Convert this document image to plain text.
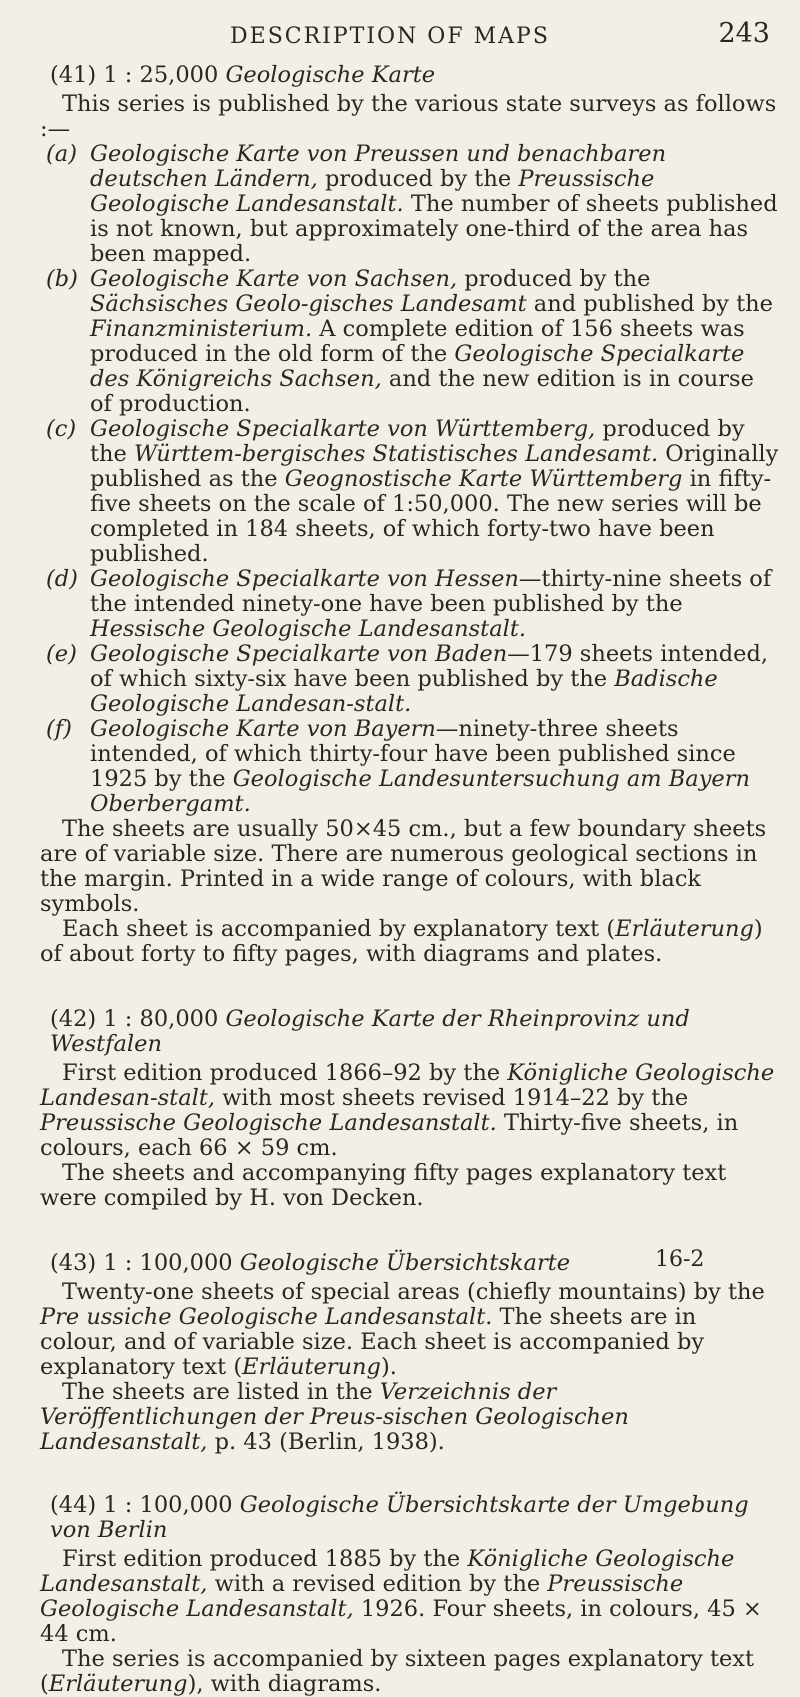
DESCRIPTION OF MAPS	243
(41) 1 : 25,000 Geologische Karte

This series is published by the various state surveys as follows :—

(a) Geologische Karte von Preussen und benachbaren deutschen Ländern, produced by the Preussische Geologische Landesanstalt. The number of sheets published is not known, but approximately one-third of the area has been mapped.

(b) Geologische Karte von Sachsen, produced by the Sächsisches Geolo-gisches Landesamt and published by the Finanzministerium. A complete edition of 156 sheets was produced in the old form of the Geologische Specialkarte des Königreichs Sachsen, and the new edition is in course of production.

(c) Geologische Specialkarte von Württemberg, produced by the Württem-bergisches Statistisches Landesamt. Originally published as the Geognostische Karte Württemberg in fifty-five sheets on the scale of 1:50,000. The new series will be completed in 184 sheets, of which forty-two have been published.

(d) Geologische Specialkarte von Hessen—thirty-nine sheets of the intended ninety-one have been published by the Hessische Geologische Landesanstalt.

(e) Geologische Specialkarte von Baden—179 sheets intended, of which sixty-six have been published by the Badische Geologische Landesan-stalt.

(f) Geologische Karte von Bayern—ninety-three sheets intended, of which thirty-four have been published since 1925 by the Geologische Landesuntersuchung am Bayern Oberbergamt.

The sheets are usually 50×45 cm., but a few boundary sheets are of variable size. There are numerous geological sections in the margin. Printed in a wide range of colours, with black symbols.

Each sheet is accompanied by explanatory text (Erläuterung) of about forty to fifty pages, with diagrams and plates.

(42) 1 : 80,000 Geologische Karte der Rheinprovinz und Westfalen

First edition produced 1866–92 by the Königliche Geologische Landesan-stalt, with most sheets revised 1914–22 by the Preussische Geologische Landesanstalt. Thirty-five sheets, in colours, each 66 × 59 cm.

The sheets and accompanying fifty pages explanatory text were compiled by H. von Decken.

(43) 1 : 100,000 Geologische Übersichtskarte

Twenty-one sheets of special areas (chiefly mountains) by the Pre ussiche Geologische Landesanstalt. The sheets are in colour, and of variable size. Each sheet is accompanied by explanatory text (Erläuterung).

The sheets are listed in the Verzeichnis der Veröffentlichungen der Preus-sischen Geologischen Landesanstalt, p. 43 (Berlin, 1938).

(44) 1 : 100,000 Geologische Übersichtskarte der Umgebung von Berlin

First edition produced 1885 by the Königliche Geologische Landesanstalt, with a revised edition by the Preussische Geologische Landesanstalt, 1926. Four sheets, in colours, 45 × 44 cm.

The series is accompanied by sixteen pages explanatory text (Erläuterung), with diagrams.

16-2
